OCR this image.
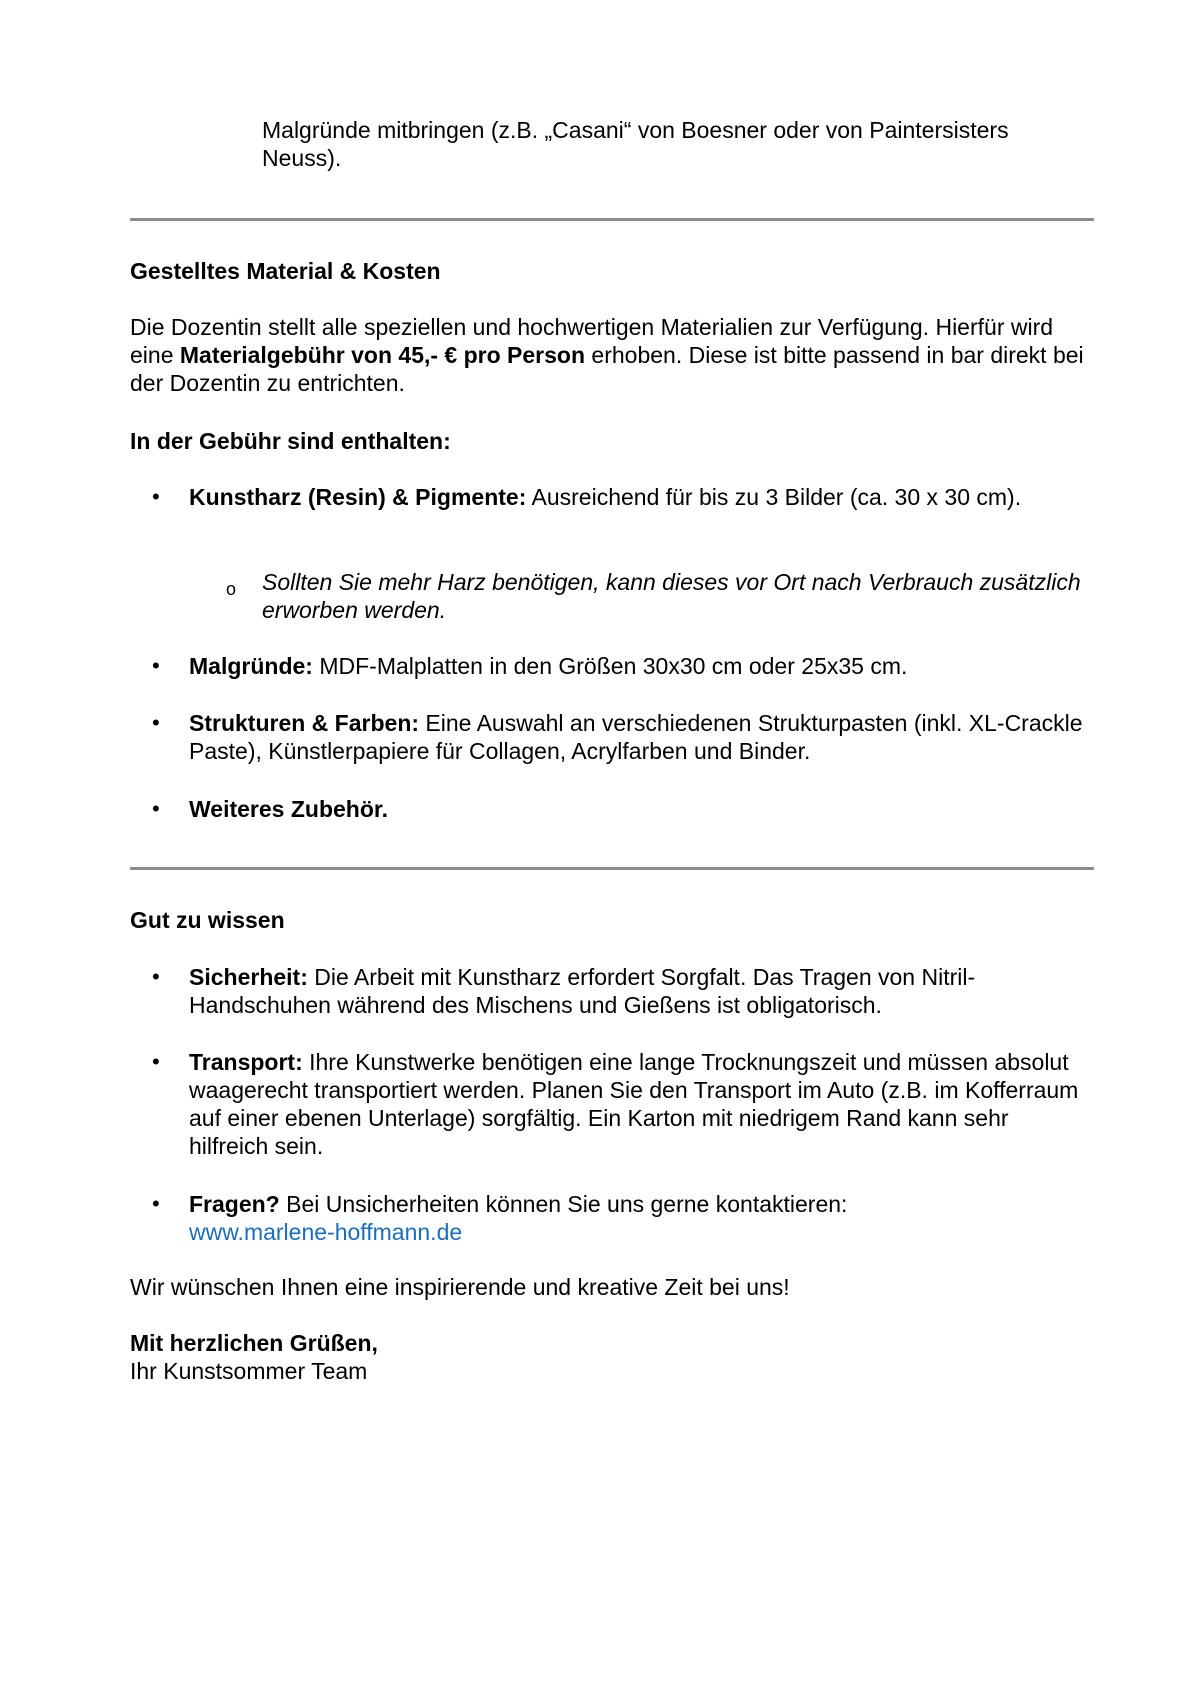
Malgründe mitbringen (z.B. „Casani“ von Boesner oder von Paintersisters
Neuss).
Gestelltes Material & Kosten
Die Dozentin stellt alle speziellen und hochwertigen Materialien zur Verfügung. Hierfür wird eine Materialgebühr von 45,- € pro Person erhoben. Diese ist bitte passend in bar direkt bei der Dozentin zu entrichten.
In der Gebühr sind enthalten:
• Kunstharz (Resin) & Pigmente: Ausreichend für bis zu 3 Bilder (ca. 30 x 30 cm).
o Sollten Sie mehr Harz benötigen, kann dieses vor Ort nach Verbrauch zusätzlich erworben werden.
• Malgründe: MDF-Malplatten in den Größen 30x30 cm oder 25x35 cm.
• Strukturen & Farben: Eine Auswahl an verschiedenen Strukturpasten (inkl. XL-Crackle Paste), Künstlerpapiere für Collagen, Acrylfarben und Binder.
• Weiteres Zubehör.
Gut zu wissen
• Sicherheit: Die Arbeit mit Kunstharz erfordert Sorgfalt. Das Tragen von Nitril-Handschuhen während des Mischens und Gießens ist obligatorisch.
• Transport: Ihre Kunstwerke benötigen eine lange Trocknungszeit und müssen absolut waagerecht transportiert werden. Planen Sie den Transport im Auto (z.B. im Kofferraum auf einer ebenen Unterlage) sorgfältig. Ein Karton mit niedrigem Rand kann sehr hilfreich sein.
• Fragen? Bei Unsicherheiten können Sie uns gerne kontaktieren:
www.marlene-hoffmann.de
Wir wünschen Ihnen eine inspirierende und kreative Zeit bei uns!
Mit herzlichen Grüßen,
Ihr Kunstsommer Team
